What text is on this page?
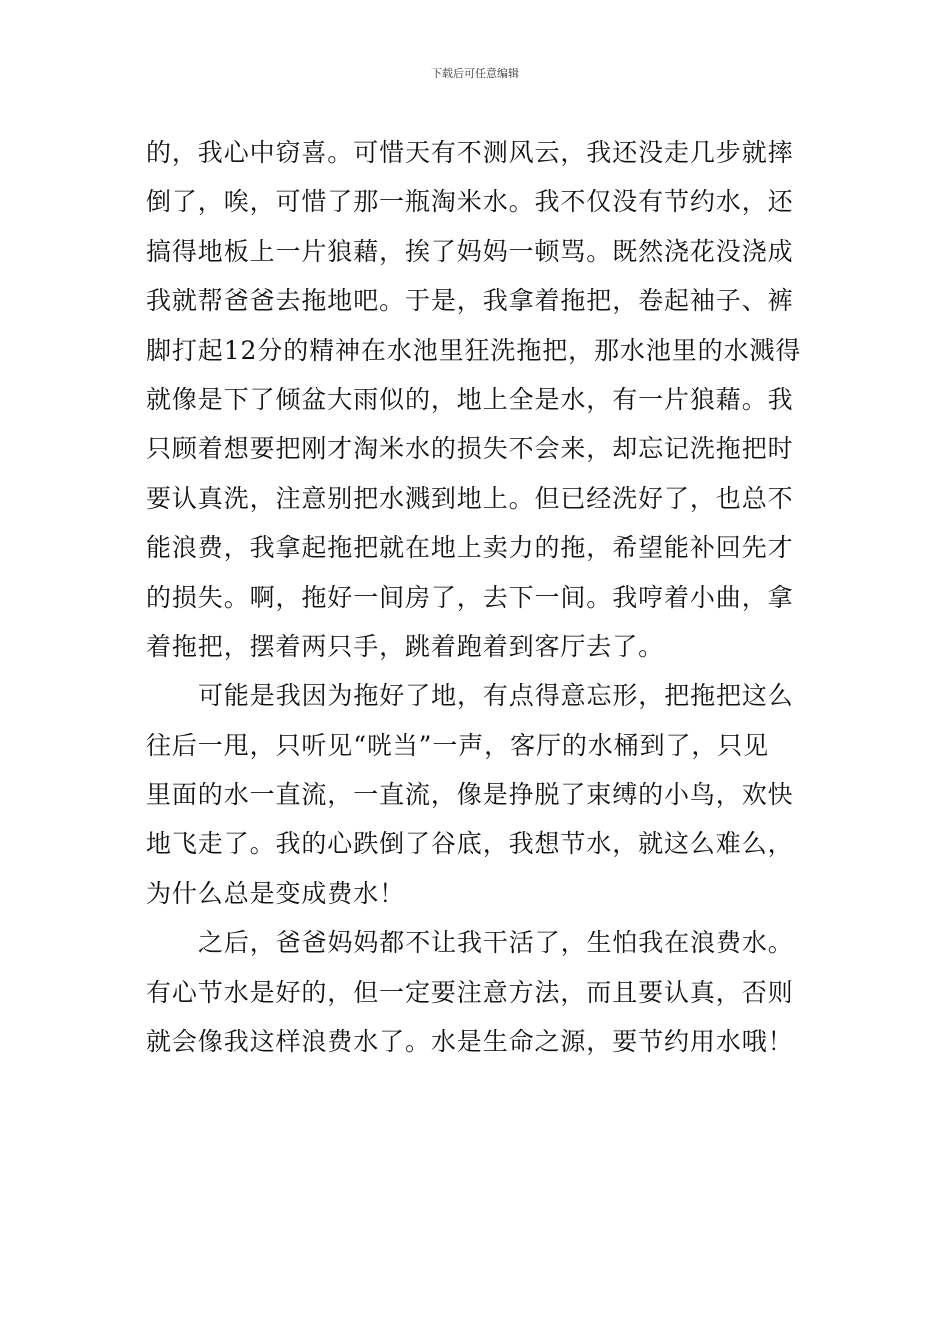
下载后可任意编辑
的，我心中窃喜。可惜天有不测风云，我还没走几步就摔
倒了，唉，可惜了那一瓶淘米水。我不仅没有节约水，还
搞得地板上一片狼藉，挨了妈妈一顿骂。既然浇花没浇成
我就帮爸爸去拖地吧。于是，我拿着拖把，卷起袖子、裤
脚打起12分的精神在水池里狂洗拖把，那水池里的水溅得
就像是下了倾盆大雨似的，地上全是水，有一片狼藉。我
只顾着想要把刚才淘米水的损失不会来，却忘记洗拖把时
要认真洗，注意别把水溅到地上。但已经洗好了，也总不
能浪费，我拿起拖把就在地上卖力的拖，希望能补回先才
的损失。啊，拖好一间房了，去下一间。我哼着小曲，拿
着拖把，摆着两只手，跳着跑着到客厅去了。
可能是我因为拖好了地，有点得意忘形，把拖把这么
往后一甩，只听见“咣当”一声，客厅的水桶到了，只见
里面的水一直流，一直流，像是挣脱了束缚的小鸟，欢快
地飞走了。我的心跌倒了谷底，我想节水，就这么难么，
为什么总是变成费水！
之后，爸爸妈妈都不让我干活了，生怕我在浪费水。
有心节水是好的，但一定要注意方法，而且要认真，否则
就会像我这样浪费水了。水是生命之源，要节约用水哦！
